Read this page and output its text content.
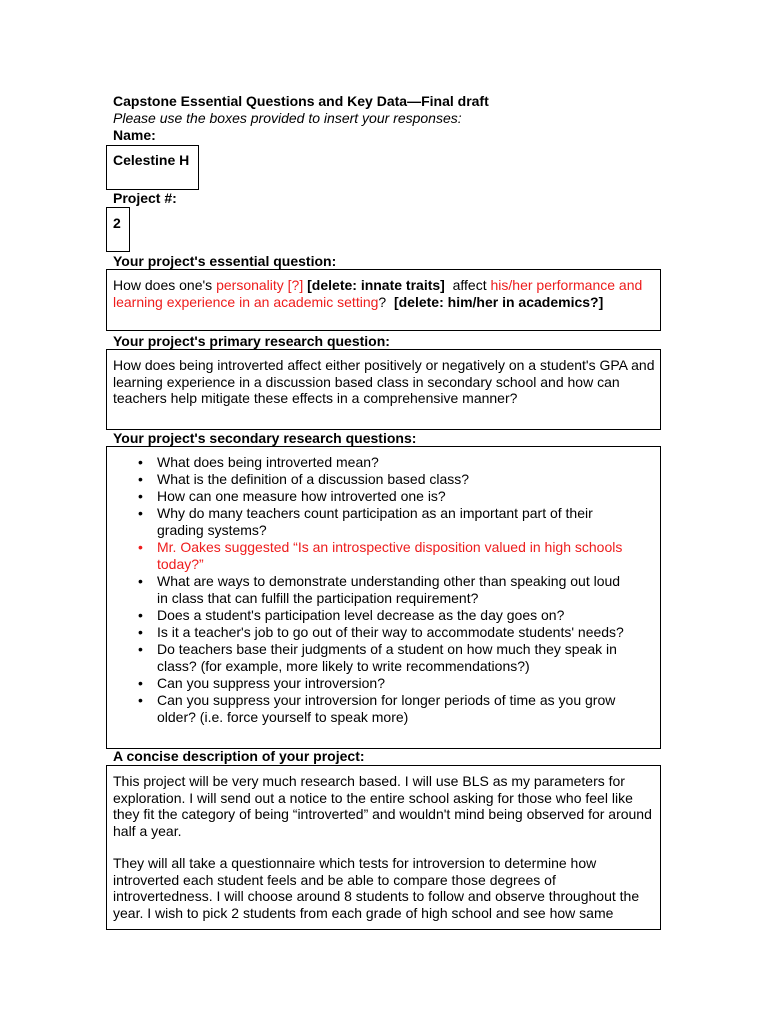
Capstone Essential Questions and Key Data—Final draft
Please use the boxes provided to insert your responses:
Name:
Celestine H
Project #:
2
Your project's essential question:
How does one's personality [?] [delete: innate traits]  affect his/her performance and learning experience in an academic setting?  [delete: him/her in academics?]
Your project's primary research question:
How does being introverted affect either positively or negatively on a student's GPA and learning experience in a discussion based class in secondary school and how can teachers help mitigate these effects in a comprehensive manner?
Your project's secondary research questions:
• What does being introverted mean?
• What is the definition of a discussion based class?
• How can one measure how introverted one is?
• Why do many teachers count participation as an important part of their grading systems?
• Mr. Oakes suggested “Is an introspective disposition valued in high schools today?”
• What are ways to demonstrate understanding other than speaking out loud in class that can fulfill the participation requirement?
• Does a student's participation level decrease as the day goes on?
• Is it a teacher's job to go out of their way to accommodate students' needs?
• Do teachers base their judgments of a student on how much they speak in class? (for example, more likely to write recommendations?)
• Can you suppress your introversion?
• Can you suppress your introversion for longer periods of time as you grow older? (i.e. force yourself to speak more)
A concise description of your project:
This project will be very much research based. I will use BLS as my parameters for exploration. I will send out a notice to the entire school asking for those who feel like they fit the category of being “introverted” and wouldn't mind being observed for around half a year.
They will all take a questionnaire which tests for introversion to determine how introverted each student feels and be able to compare those degrees of introvertedness. I will choose around 8 students to follow and observe throughout the year. I wish to pick 2 students from each grade of high school and see how same
